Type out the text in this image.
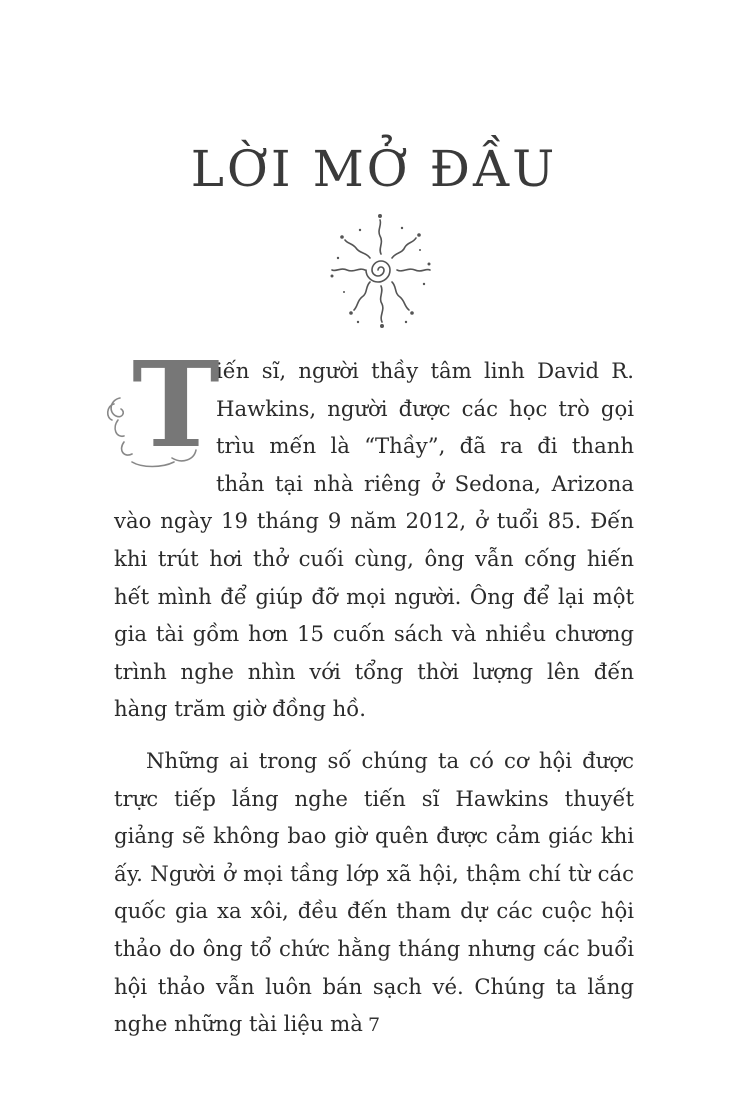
LỜI MỞ ĐẦU

T
iến sĩ, người thầy tâm linh David R. Hawkins, người được các học trò gọi trìu mến là “Thầy”, đã ra đi thanh thản tại nhà riêng ở Sedona, Arizona vào ngày 19 tháng 9 năm 2012, ở tuổi 85. Đến khi trút hơi thở cuối cùng, ông vẫn cống hiến hết mình để giúp đỡ mọi người. Ông để lại một gia tài gồm hơn 15 cuốn sách và nhiều chương trình nghe nhìn với tổng thời lượng lên đến hàng trăm giờ đồng hồ.

Những ai trong số chúng ta có cơ hội được trực tiếp lắng nghe tiến sĩ Hawkins thuyết giảng sẽ không bao giờ quên được cảm giác khi ấy. Người ở mọi tầng lớp xã hội, thậm chí từ các quốc gia xa xôi, đều đến tham dự các cuộc hội thảo do ông tổ chức hằng tháng nhưng các buổi hội thảo vẫn luôn bán sạch vé. Chúng ta lắng nghe những tài liệu mà 7
